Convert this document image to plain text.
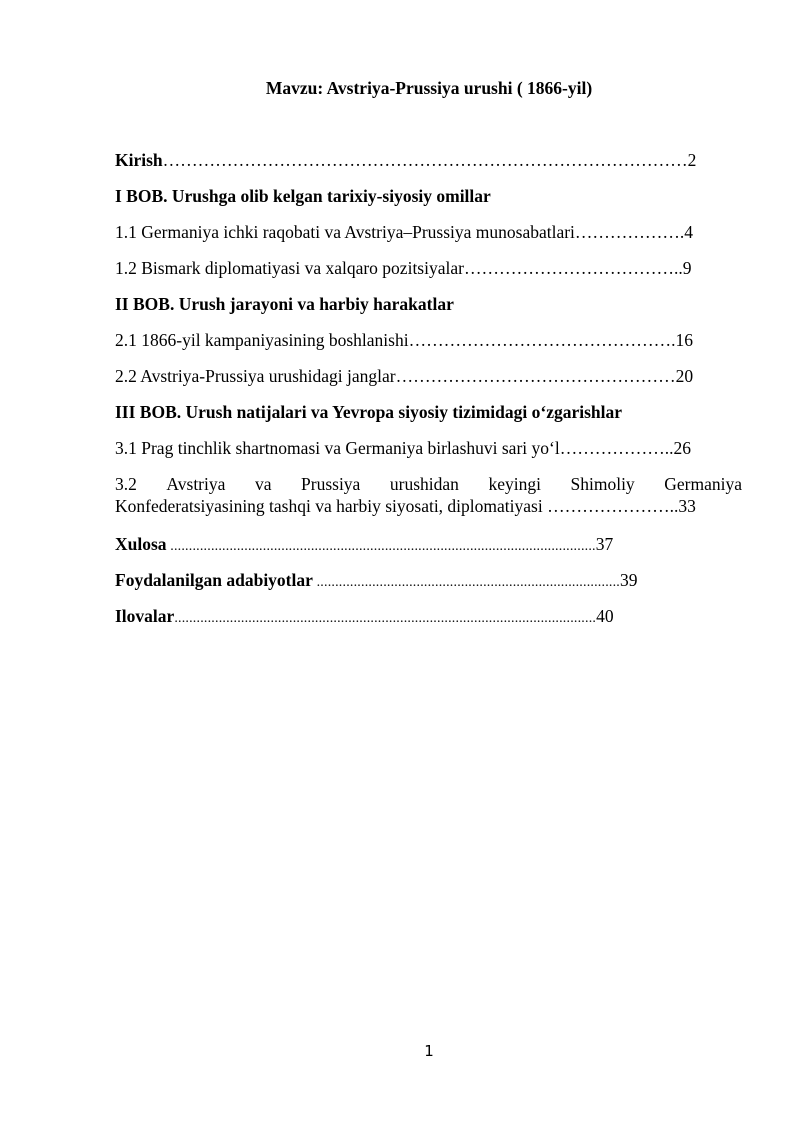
Mavzu: Avstriya-Prussiya urushi ( 1866-yil)
Kirish………………………………………………………………………………2
I BOB. Urushga olib kelgan tarixiy-siyosiy omillar
1.1 Germaniya ichki raqobati va Avstriya–Prussiya munosabatlari……………….4
1.2 Bismark diplomatiyasi va xalqaro pozitsiyalar………………………………..9
II BOB. Urush jarayoni va harbiy harakatlar
2.1 1866-yil kampaniyasining boshlanishi……………………………………….16
2.2 Avstriya-Prussiya urushidagi janglar…………………………………………20
III BOB. Urush natijalari va Yevropa siyosiy tizimidagi oʻzgarishlar
3.1 Prag tinchlik shartnomasi va Germaniya birlashuvi sari yoʻl………………..26
3.2 Avstriya va Prussiya urushidan keyingi Shimoliy Germaniya
Konfederatsiyasining tashqi va harbiy siyosati, diplomatiyasi …………………..33
Xulosa ...................................................................................................................37
Foydalanilgan adabiyotlar ..................................................................................39
Ilovalar..................................................................................................................40
1
